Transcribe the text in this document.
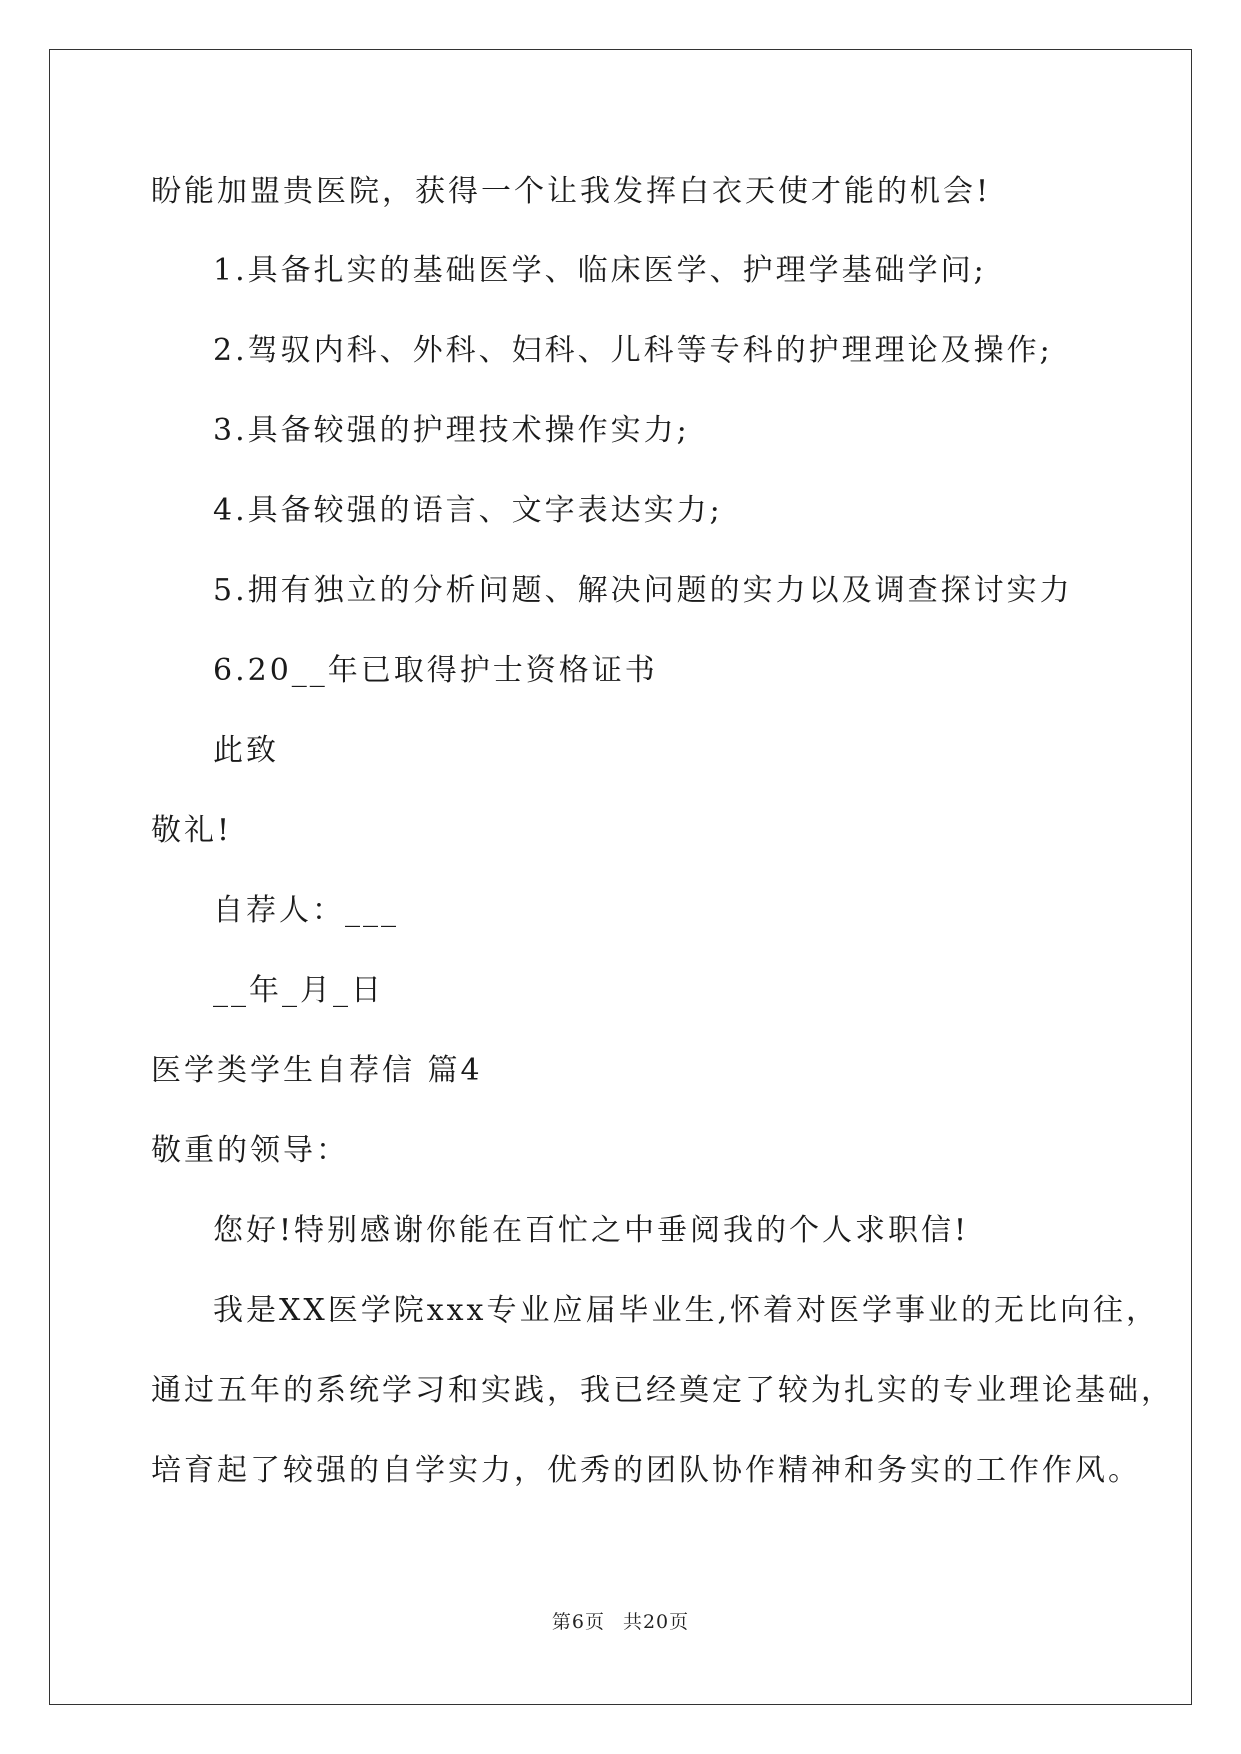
盼能加盟贵医院，获得一个让我发挥白衣天使才能的机会!
1.具备扎实的基础医学、临床医学、护理学基础学问;
2.驾驭内科、外科、妇科、儿科等专科的护理理论及操作;
3.具备较强的护理技术操作实力;
4.具备较强的语言、文字表达实力;
5.拥有独立的分析问题、解决问题的实力以及调查探讨实力
6.20__年已取得护士资格证书
此致
敬礼!
自荐人：___
__年_月_日
医学类学生自荐信 篇4
敬重的领导：
您好!特别感谢你能在百忙之中垂阅我的个人求职信!
我是XX医学院xxx专业应届毕业生,怀着对医学事业的无比向往，
通过五年的系统学习和实践，我已经奠定了较为扎实的专业理论基础，
培育起了较强的自学实力，优秀的团队协作精神和务实的工作作风。
第6页 共20页
